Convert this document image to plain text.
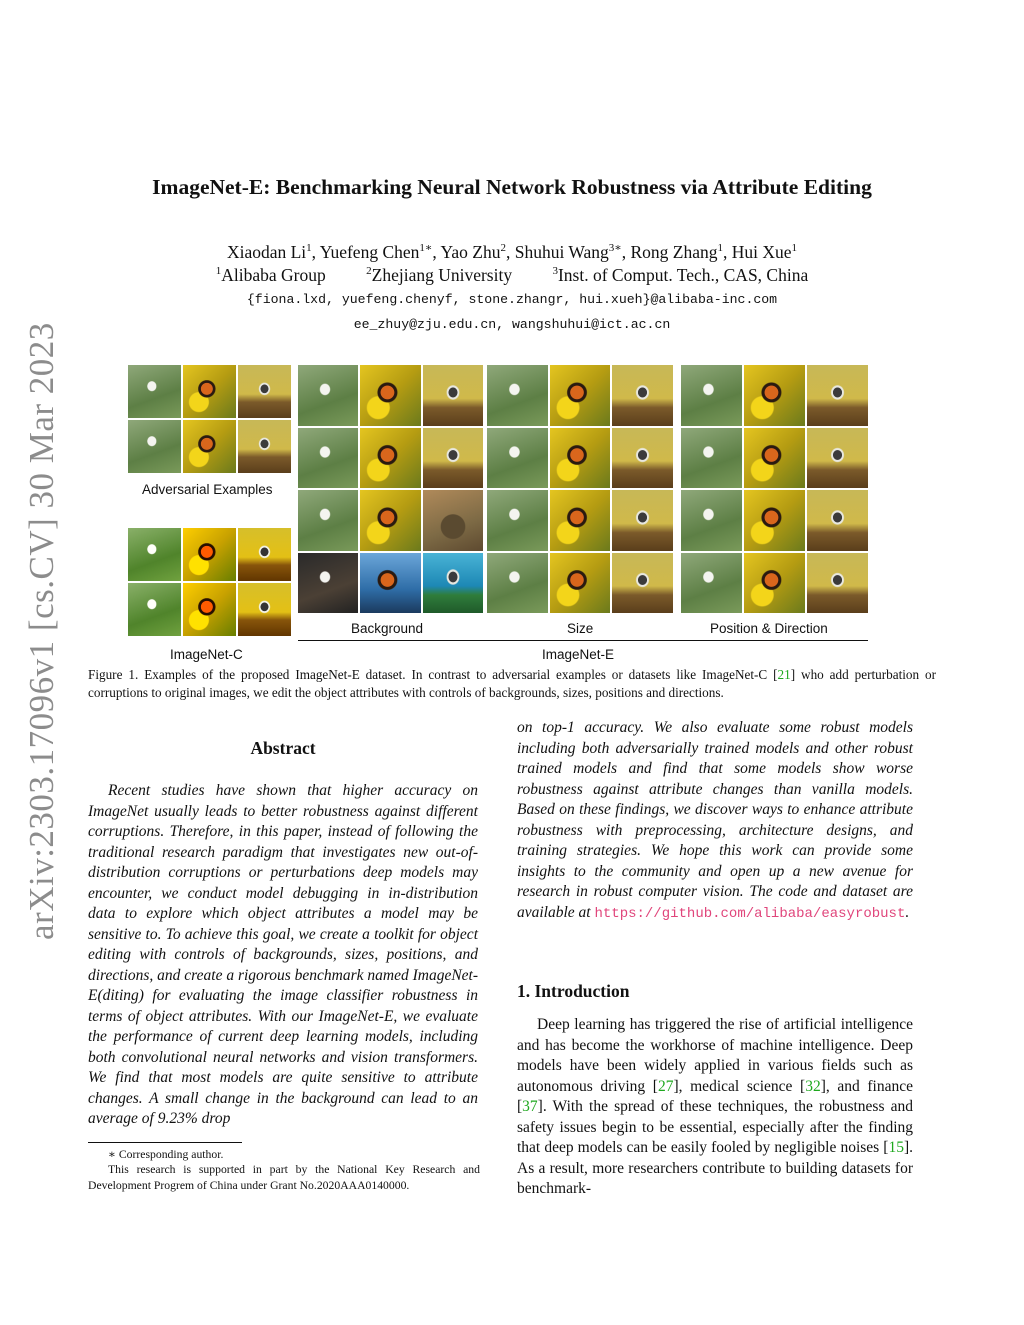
arXiv:2303.17096v1 [cs.CV] 30 Mar 2023
ImageNet-E: Benchmarking Neural Network Robustness via Attribute Editing
Xiaodan Li$^1$, Yuefeng Chen$^{1∗}$, Yao Zhu$^2$, Shuhui Wang$^{3∗}$, Rong Zhang$^1$, Hui Xue$^1$
$^1$Alibaba Group	$^2$Zhejiang University	$^3$Inst. of Comput. Tech., CAS, China
{fiona.lxd, yuefeng.chenyf, stone.zhangr, hui.xueh}@alibaba-inc.com
ee_zhuy@zju.edu.cn, wangshuhui@ict.ac.cn
Adversarial Examples
ImageNet-C
Background	Size	Position & Direction
ImageNet-E
Figure 1. Examples of the proposed ImageNet-E dataset. In contrast to adversarial examples or datasets like ImageNet-C [21] who add perturbation or corruptions to original images, we edit the object attributes with controls of backgrounds, sizes, positions and directions.
Abstract
Recent studies have shown that higher accuracy on ImageNet usually leads to better robustness against different corruptions. Therefore, in this paper, instead of following the traditional research paradigm that investigates new out-of-distribution corruptions or perturbations deep models may encounter, we conduct model debugging in in-distribution data to explore which object attributes a model may be sensitive to. To achieve this goal, we create a toolkit for object editing with controls of backgrounds, sizes, positions, and directions, and create a rigorous benchmark named ImageNet-E(diting) for evaluating the image classifier robustness in terms of object attributes. With our ImageNet-E, we evaluate the performance of current deep learning models, including both convolutional neural networks and vision transformers. We find that most models are quite sensitive to attribute changes. A small change in the background can lead to an average of 9.23% drop
on top-1 accuracy. We also evaluate some robust models including both adversarially trained models and other robust trained models and find that some models show worse robustness against attribute changes than vanilla models. Based on these findings, we discover ways to enhance attribute robustness with preprocessing, architecture designs, and training strategies. We hope this work can provide some insights to the community and open up a new avenue for research in robust computer vision. The code and dataset are available at https://github.com/alibaba/easyrobust.
1. Introduction
Deep learning has triggered the rise of artificial intelligence and has become the workhorse of machine intelligence. Deep models have been widely applied in various fields such as autonomous driving [27], medical science [32], and finance [37]. With the spread of these techniques, the robustness and safety issues begin to be essential, especially after the finding that deep models can be easily fooled by negligible noises [15]. As a result, more researchers contribute to building datasets for benchmark-
∗ Corresponding author.
This research is supported in part by the National Key Research and Development Progrem of China under Grant No.2020AAA0140000.
